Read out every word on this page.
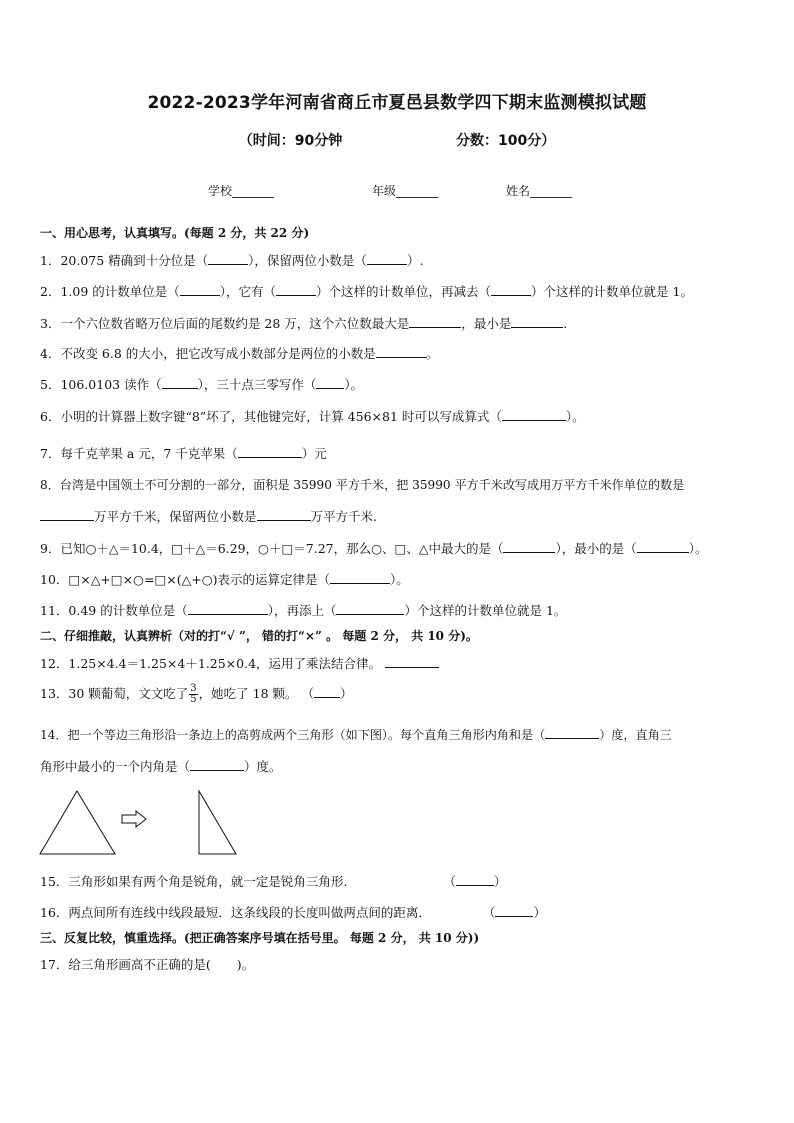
2022-2023学年河南省商丘市夏邑县数学四下期末监测模拟试题
（时间：90分钟	分数：100分）
学校_______	年级_______	姓名_______
一、用心思考，认真填写。(每题 2 分，共 22 分)
1．20.075 精确到十分位是（	），保留两位小数是（	）.
2．1.09 的计数单位是（	），它有（	）个这样的计数单位，再减去（	）个这样的计数单位就是 1。
3．一个六位数省略万位后面的尾数约是 28 万，这个六位数最大是	，最小是	.
4．不改变 6.8 的大小，把它改写成小数部分是两位的小数是	。
5．106.0103 读作（	），三十点三零写作（ ）。
6．小明的计算器上数字键“8”坏了，其他键完好，计算 456×81 时可以写成算式（	）。
7．每千克苹果 a 元，7 千克苹果（	）元
8．台湾是中国领土不可分割的一部分，面积是 35990 平方千米，把 35990 平方千米改写成用万平方千米作单位的数是
万平方千米，保留两位小数是	万平方千米.
9．已知○＋△＝10.4，□＋△＝6.29，○＋□＝7.27，那么○、□、△中最大的是（	），最小的是（	）。
10．□×△+□×○=□×(△+○)表示的运算定律是（	）。
11．0.49 的计数单位是（	），再添上（	）个这样的计数单位就是 1。
二、仔细推敲，认真辨析（对的打“√ ”， 错的打“×” 。 每题 2 分， 共 10 分)。
12．1.25×4.4＝1.25×4＋1.25×0.4，运用了乘法结合律。
13．30 颗葡萄，文文吃了 $\frac{3}{5}$ ，她吃了 18 颗。 （ ）
14．把一个等边三角形沿一条边上的高剪成两个三角形（如下图）。每个直角三角形内角和是（	）度，直角三
角形中最小的一个内角是（	）度。
15．三角形如果有两个角是锐角，就一定是锐角三角形.	（	）
16．两点间所有连线中线段最短．这条线段的长度叫做两点间的距离．	（	）
三、反复比较，慎重选择。(把正确答案序号填在括号里。 每题 2 分， 共 10 分))
17．给三角形画高不正确的是( )。
